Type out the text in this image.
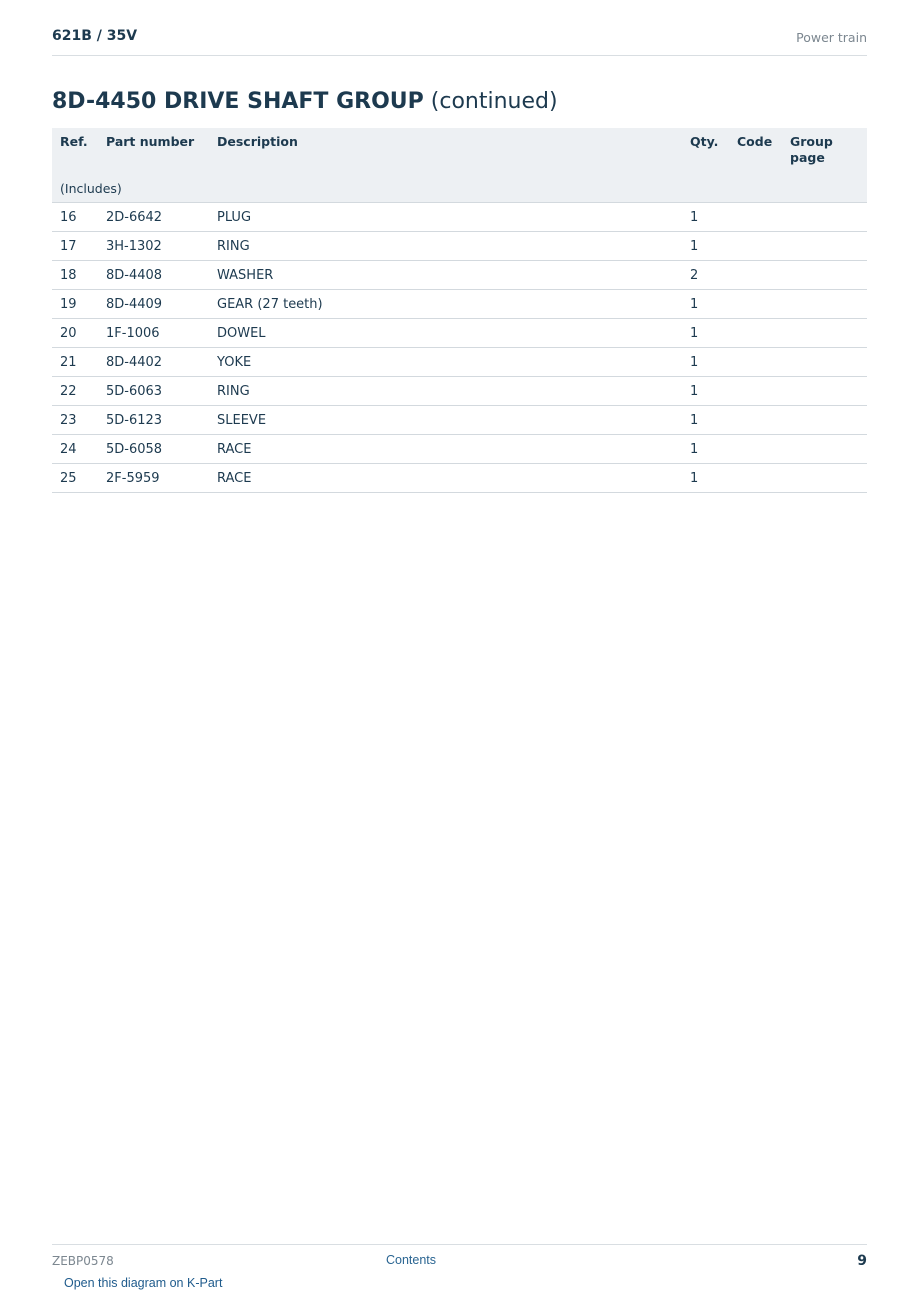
621B / 35V	Power train
8D-4450 DRIVE SHAFT GROUP (continued)
Ref.	Part number	Description	Qty.	Code	Group page
(Includes)					
16	2D-6642	PLUG	1		
17	3H-1302	RING	1		
18	8D-4408	WASHER	2		
19	8D-4409	GEAR (27 teeth)	1		
20	1F-1006	DOWEL	1		
21	8D-4402	YOKE	1		
22	5D-6063	RING	1		
23	5D-6123	SLEEVE	1		
24	5D-6058	RACE	1		
25	2F-5959	RACE	1		
ZEBP0578	Contents	9
Open this diagram on K-Part
